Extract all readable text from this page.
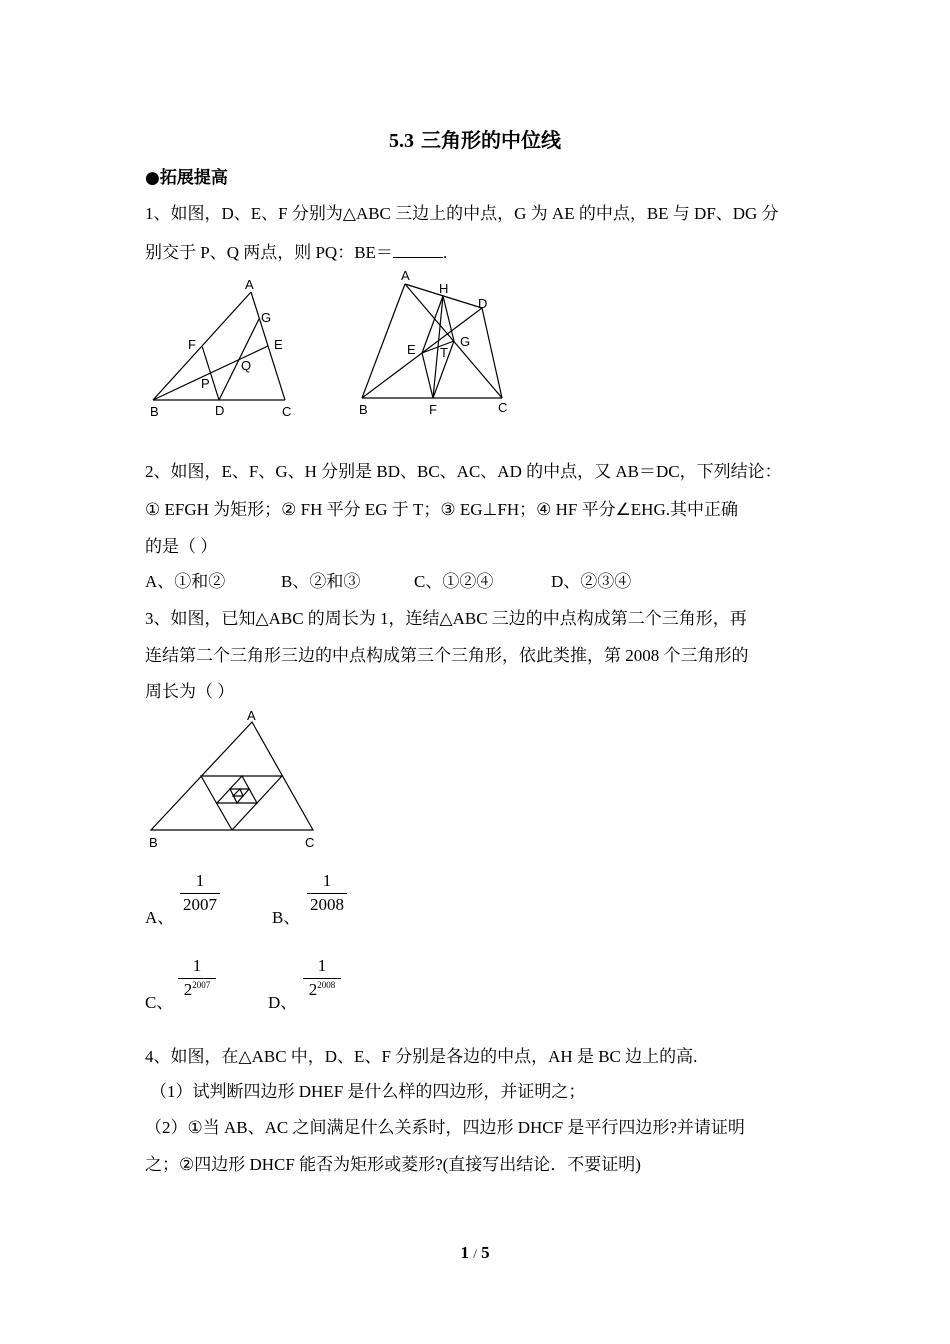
5.3 三角形的中位线
●拓展提高
1、如图，D、E、F 分别为△ABC 三边上的中点，G 为 AE 的中点，BE 与 DF、DG 分
别交于 P、Q 两点，则 PQ：BE＝	.
A
G
E
F
P
Q
B	D	C
A
H
D
E
G
T
B	F	C
2、如图，E、F、G、H 分别是 BD、BC、AC、AD 的中点，又 AB＝DC，下列结论：
① EFGH 为矩形；② FH 平分 EG 于 T；③ EG⊥FH；④ HF 平分∠EHG.其中正确
的是（ ）
A、①和②	B、②和③	C、①②④	D、②③④
3、如图，已知△ABC 的周长为 1，连结△ABC 三边的中点构成第二个三角形，再
连结第二个三角形三边的中点构成第三个三角形，依此类推，第 2008 个三角形的
周长为（ ）
A
B	C
A、
$\frac{1}{2007}$
B、
$\frac{1}{2008}$
C、
$\frac{1}{2^{2007}}$
D、
$\frac{1}{2^{2008}}$
4、如图，在△ABC 中，D、E、F 分别是各边的中点，AH 是 BC 边上的高.
（1）试判断四边形 DHEF 是什么样的四边形，并证明之；
（2）①当 AB、AC 之间满足什么关系时，四边形 DHCF 是平行四边形?并请证明
之；②四边形 DHCF 能否为矩形或菱形?(直接写出结论．不要证明)
1 / 5
